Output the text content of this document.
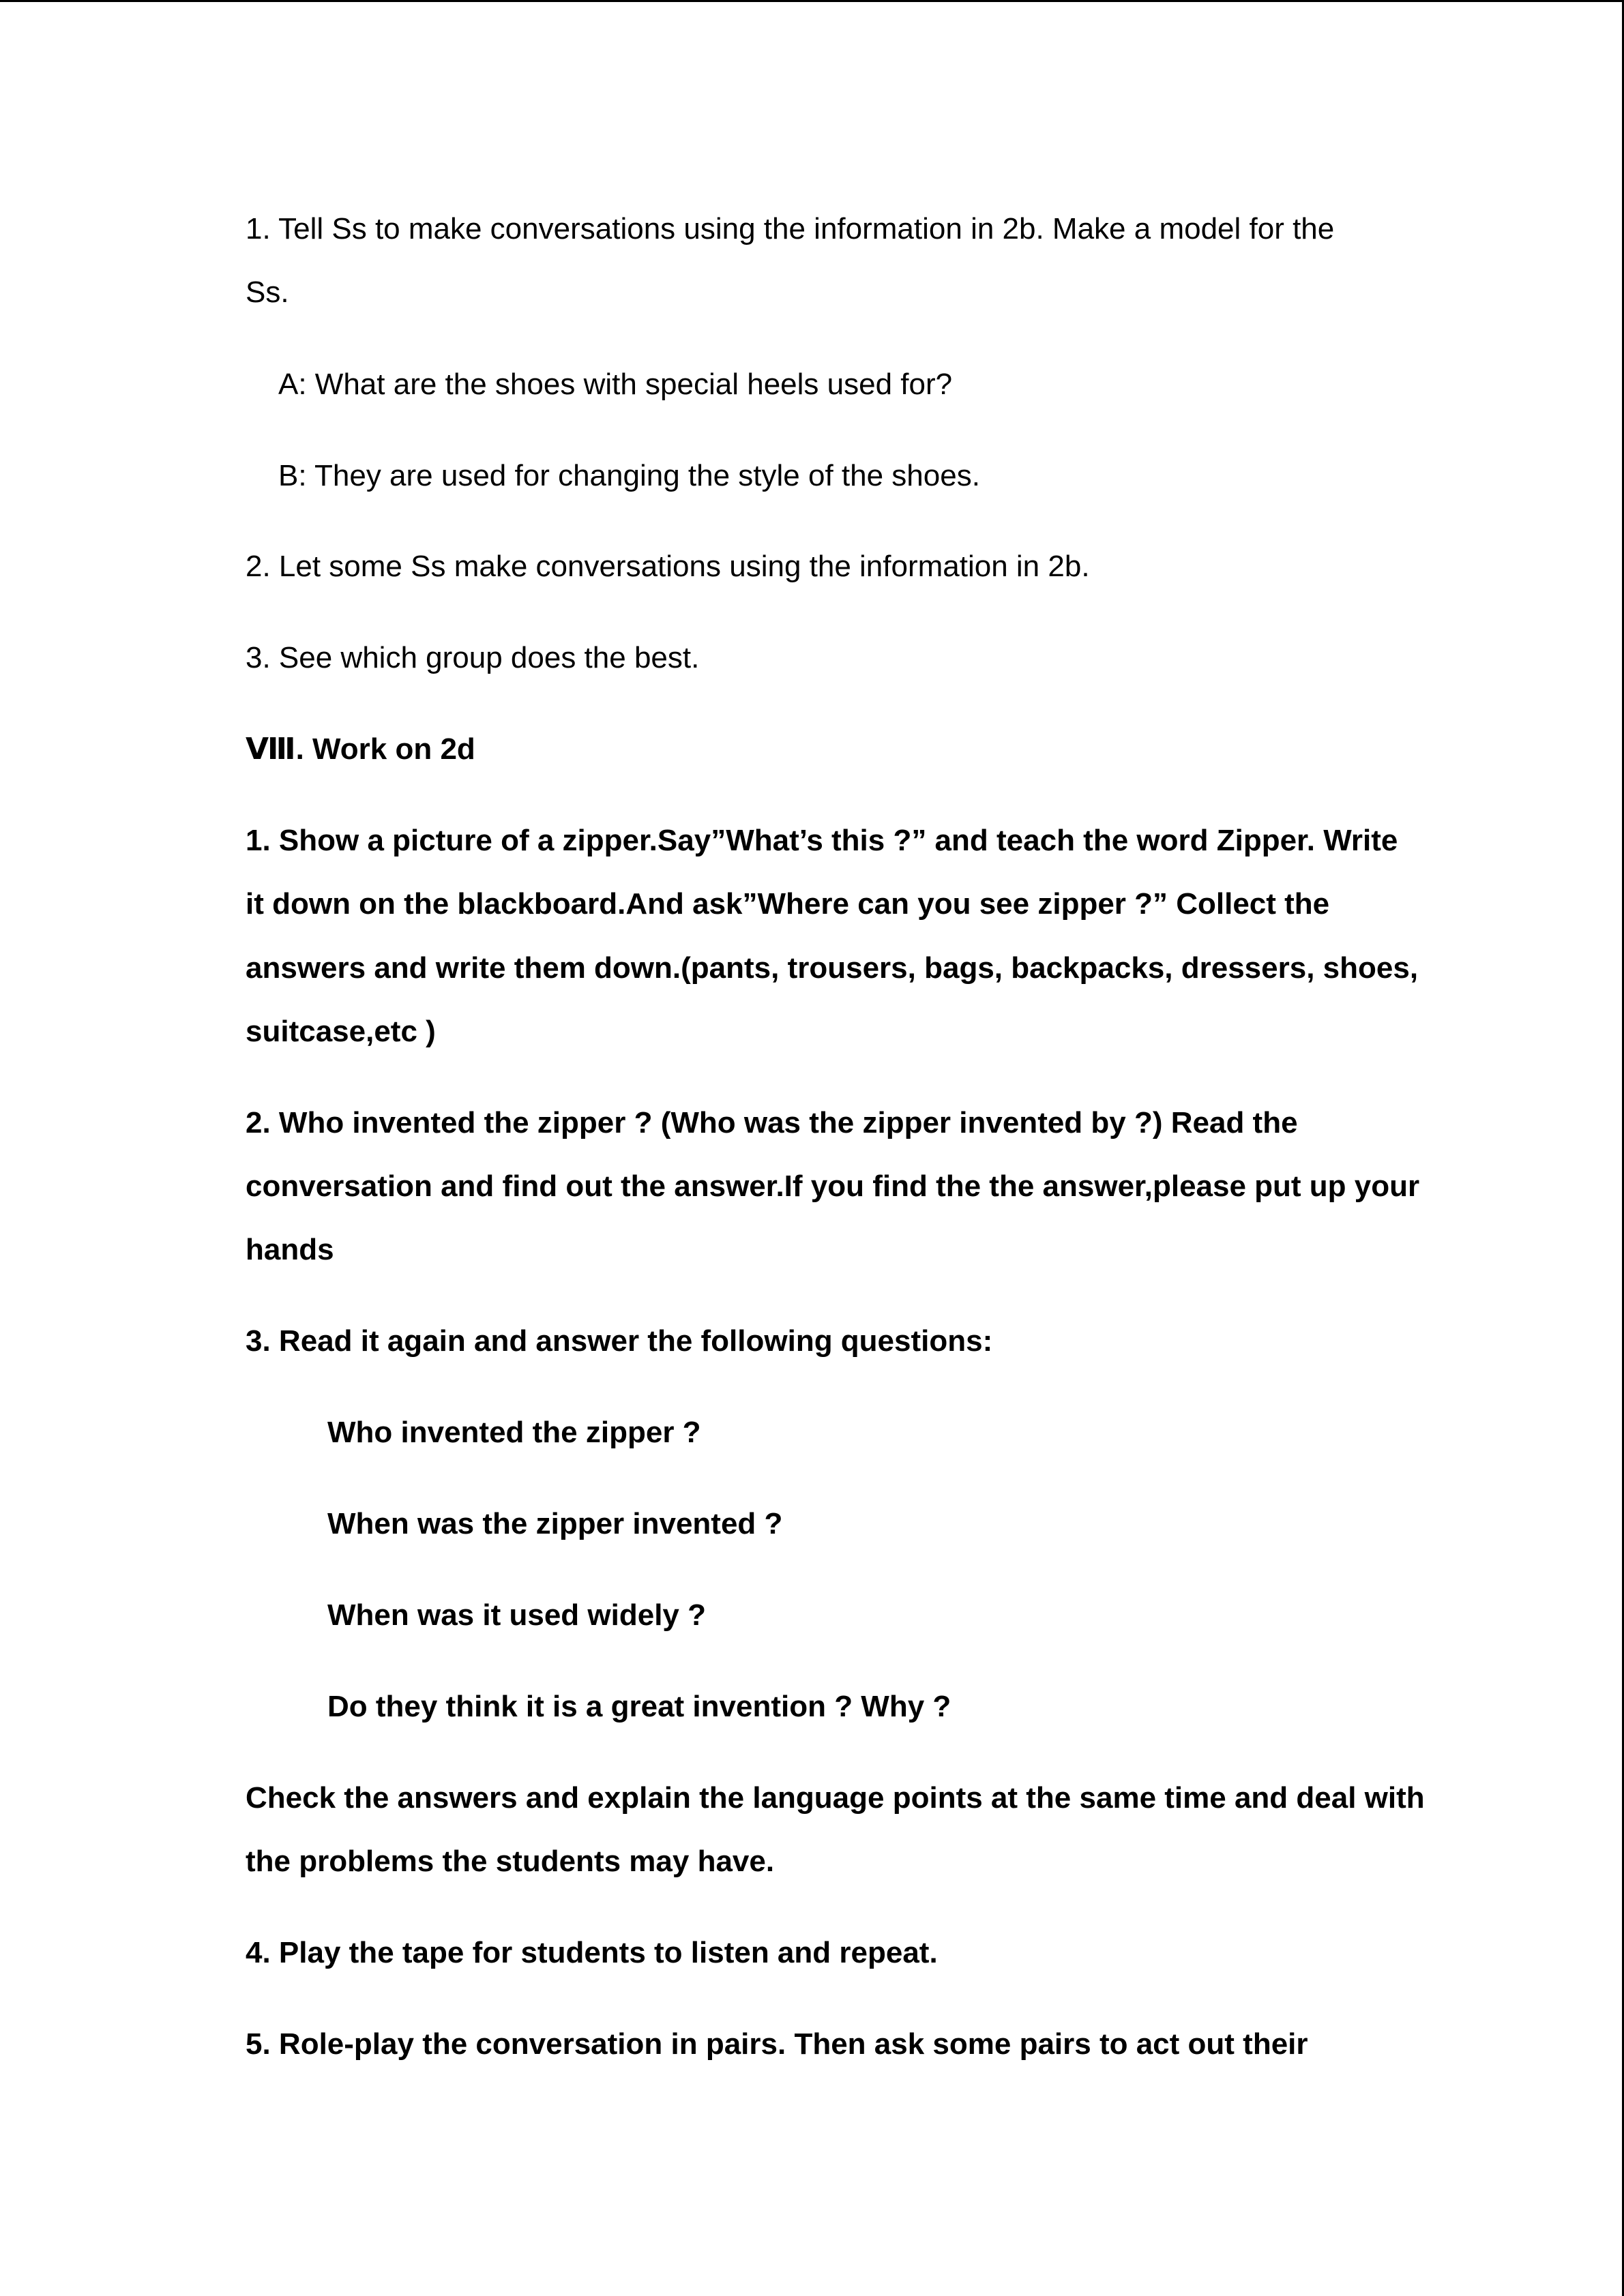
1. Tell Ss to make conversations using the information in 2b. Make a model for the
Ss.
A: What are the shoes with special heels used for?
B: They are used for changing the style of the shoes.
2. Let some Ss make conversations using the information in 2b.
3. See which group does the best.
Ⅷ. Work on 2d
1. Show a picture of a zipper.Say”What’s this ?” and teach the word Zipper. Write
it down on the blackboard.And ask”Where can you see zipper ?” Collect the
answers and write them down.(pants, trousers, bags, backpacks, dressers, shoes,
suitcase,etc )
2. Who invented the zipper ? (Who was the zipper invented by ?) Read the
conversation and find out the answer.If you find the the answer,please put up your
hands
3. Read it again and answer the following questions:
Who invented the zipper ?
When was the zipper invented ?
When was it used widely ?
Do they think it is a great invention ? Why ?
Check the answers and explain the language points at the same time and deal with
the problems the students may have.
4. Play the tape for students to listen and repeat.
5. Role-play the conversation in pairs. Then ask some pairs to act out their
